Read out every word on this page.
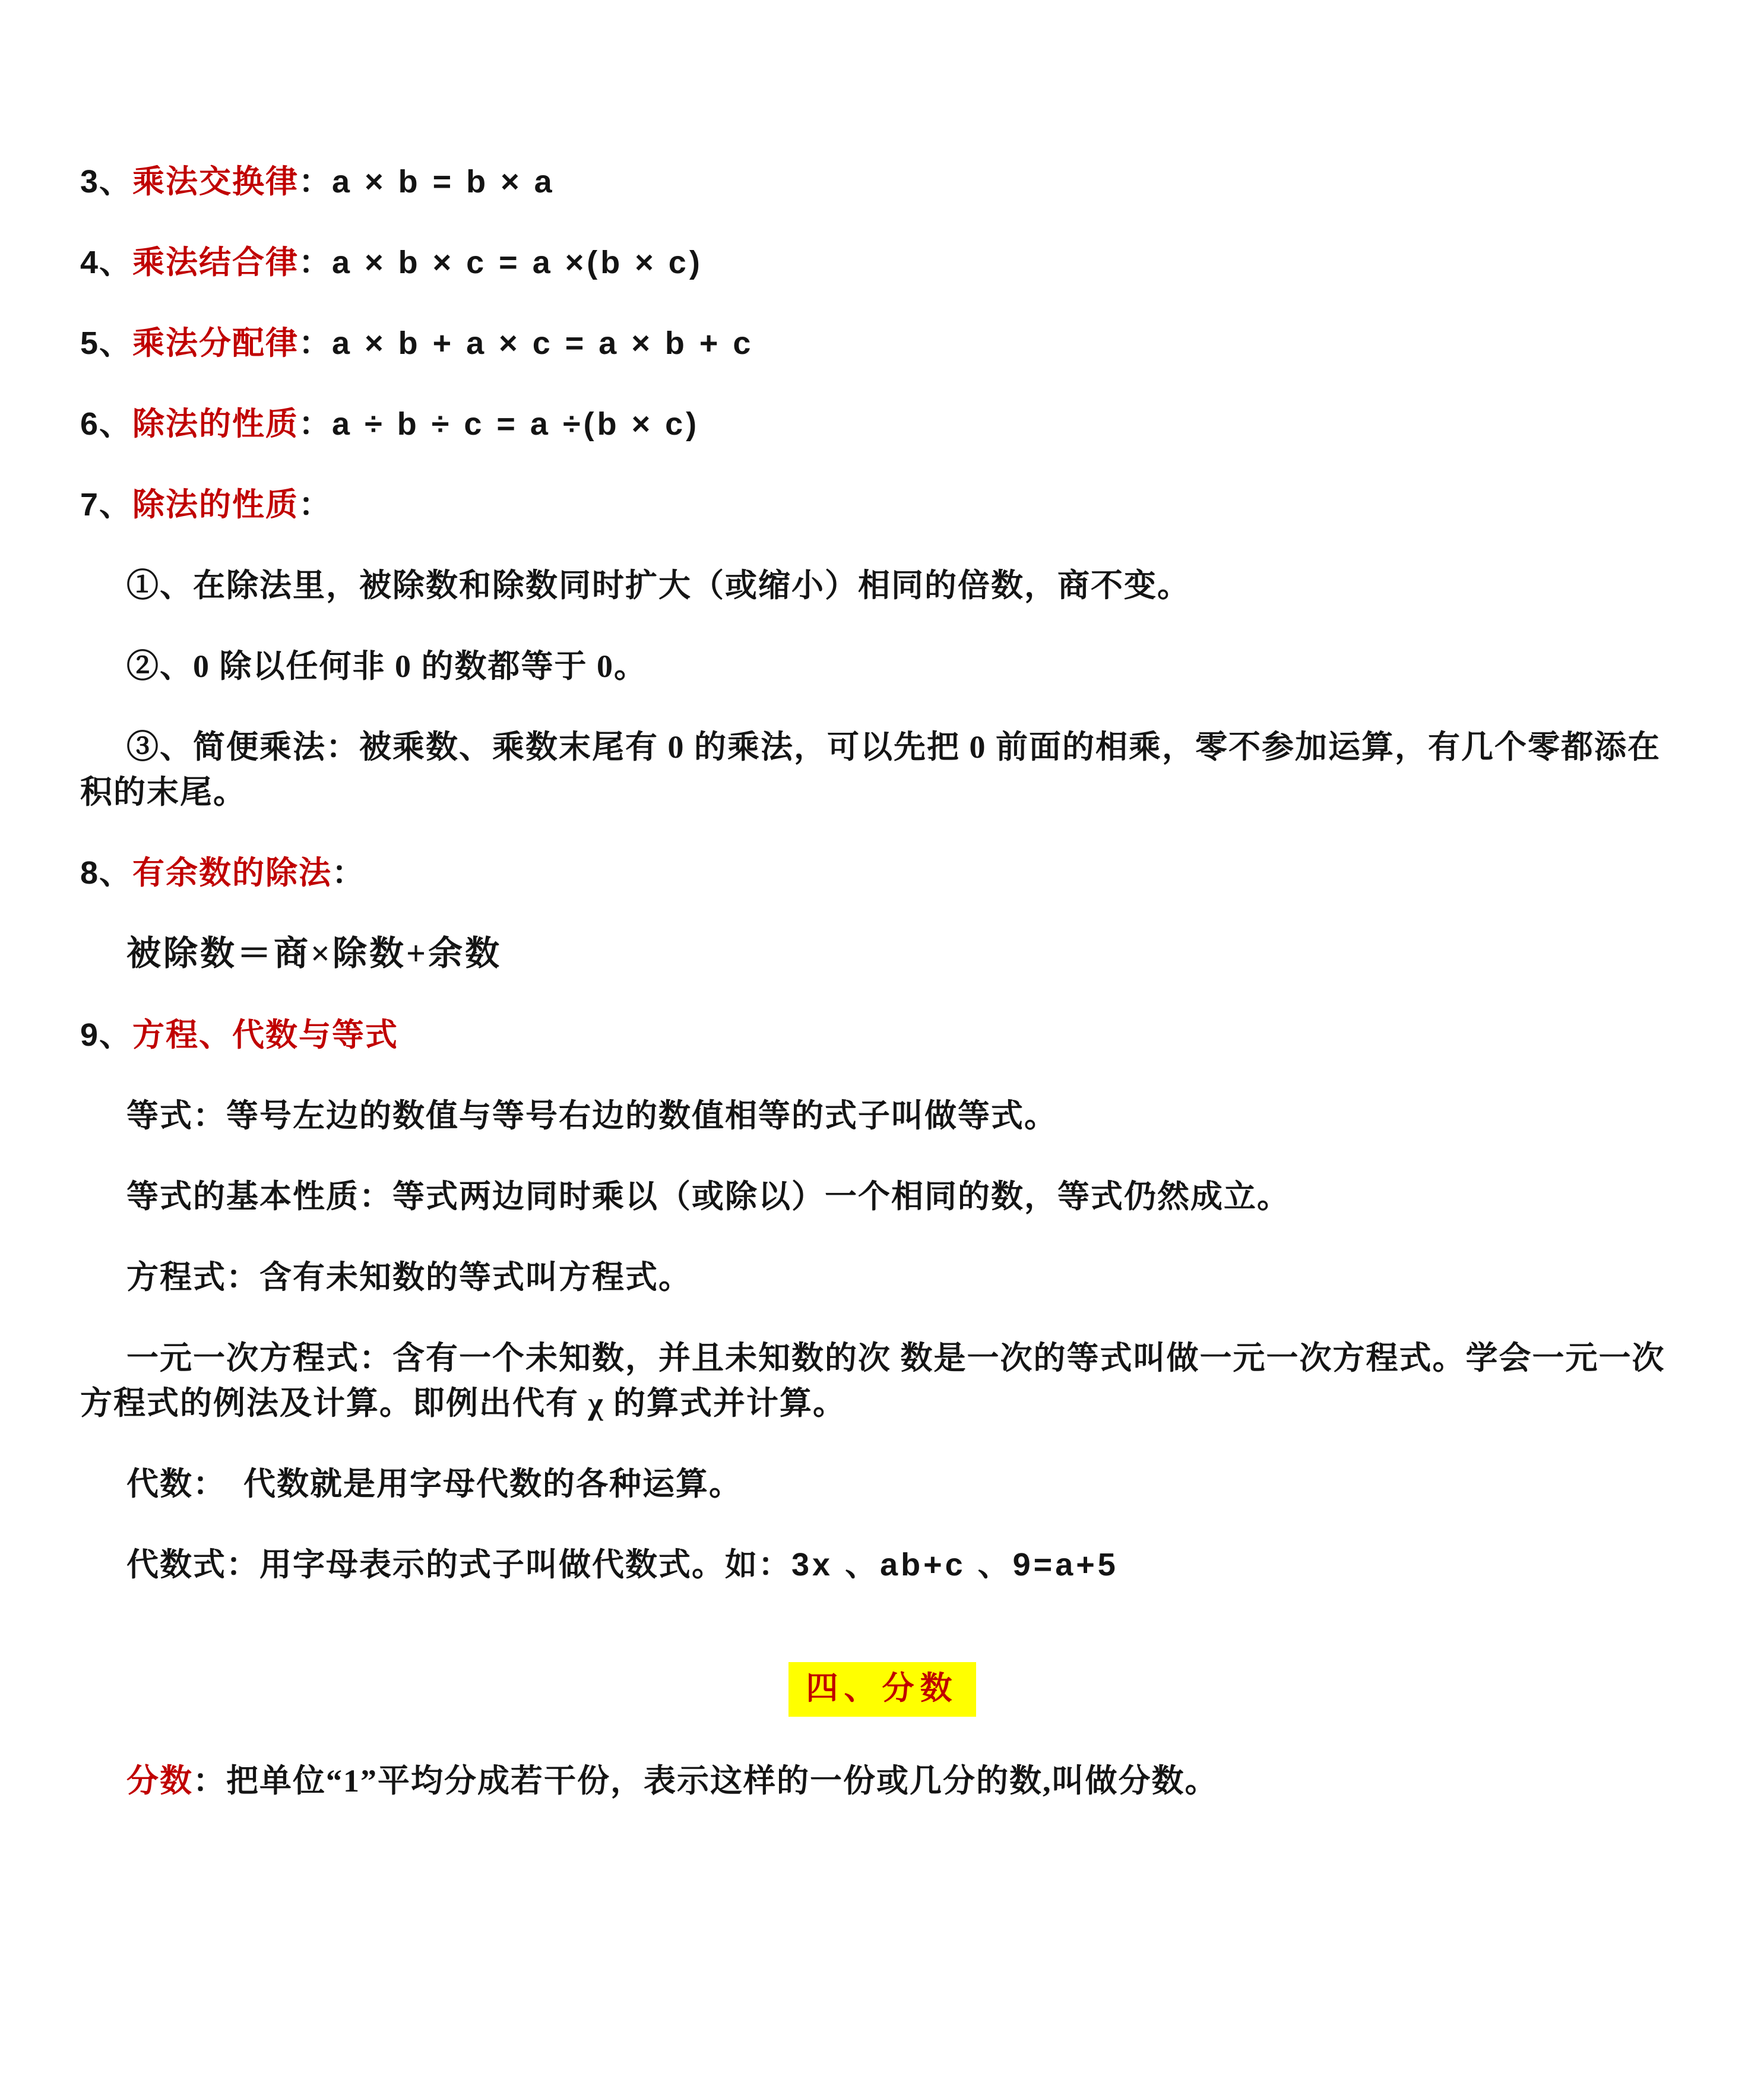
3、乘法交换律：a × b = b × a

4、乘法结合律：a × b × c = a ×(b × c)

5、乘法分配律：a × b + a × c = a × b + c

6、除法的性质：a ÷ b ÷ c = a ÷(b × c)

7、除法的性质：

①、在除法里，被除数和除数同时扩大（或缩小）相同的倍数，商不变。

②、0 除以任何非 0 的数都等于 0。

③、简便乘法：被乘数、乘数末尾有 0 的乘法，可以先把 0 前面的相乘，零不参加运算，有几个零都添在积的末尾。

8、有余数的除法：

被除数＝商×除数+余数

9、方程、代数与等式

等式：等号左边的数值与等号右边的数值相等的式子叫做等式。

等式的基本性质：等式两边同时乘以（或除以）一个相同的数，等式仍然成立。

方程式：含有未知数的等式叫方程式。

一元一次方程式：含有一个未知数，并且未知数的次 数是一次的等式叫做一元一次方程式。学会一元一次方程式的例法及计算。即例出代有 χ 的算式并计算。

代数：　代数就是用字母代数的各种运算。

代数式：用字母表示的式子叫做代数式。如：3x 、ab+c 、9=a+5

四、分数

分数：把单位“1”平均分成若干份，表示这样的一份或几分的数,叫做分数。
